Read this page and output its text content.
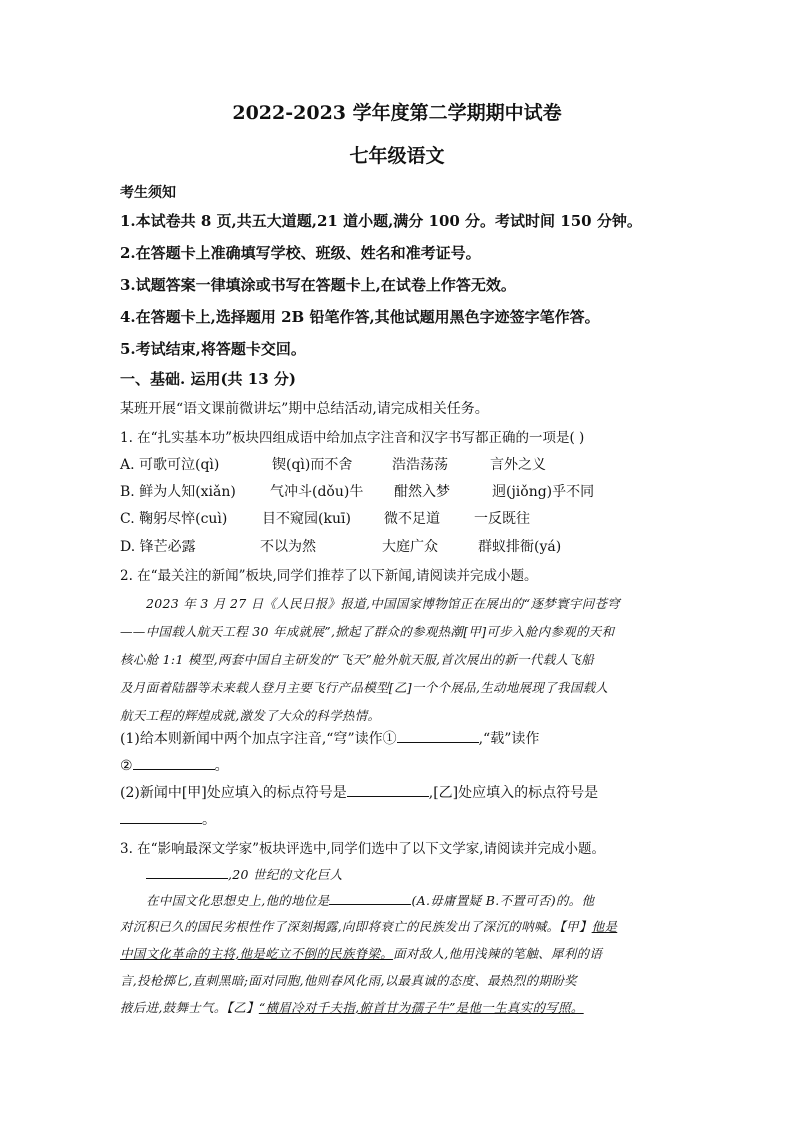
2022-2023 学年度第二学期期中试卷
七年级语文
考生须知
1.本试卷共 8 页,共五大道题,21 道小题,满分 100 分。考试时间 150 分钟。
2.在答题卡上准确填写学校、班级、姓名和准考证号。
3.试题答案一律填涂或书写在答题卡上,在试卷上作答无效。
4.在答题卡上,选择题用 2B 铅笔作答,其他试题用黑色字迹签字笔作答。
5.考试结束,将答题卡交回。
一、基础. 运用(共 13 分)
某班开展“语文课前微讲坛”期中总结活动,请完成相关任务。
1. 在“扎实基本功”板块四组成语中给加点字注音和汉字书写都正确的一项是( )
A. 可歌可泣(qì)	锲(qì)而不舍	浩浩荡荡	言外之义
B. 鲜为人知(xiǎn) 气冲斗(dǒu)牛 酣然入梦	迥(jiǒng)乎不同
C. 鞠躬尽悴(cuì) 目不窥园(kuī) 微不足道 一反既往
D. 锋芒必露	不以为然	大庭广众	群蚁排衙(yá)
2. 在“最关注的新闻”板块,同学们推荐了以下新闻,请阅读并完成小题。
2023 年 3 月 27 日《人民日报》报道,中国国家博物馆正在展出的“逐梦寰宇问苍穹
——中国载人航天工程 30 年成就展”,掀起了群众的参观热潮[甲]可步入舱内参观的天和
核心舱 1:1 模型,两套中国自主研发的“飞天”舱外航天服,首次展出的新一代载人飞船
及月面着陆器等未来载人登月主要飞行产品模型[乙]一个个展品,生动地展现了我国载人
航天工程的辉煌成就,激发了大众的科学热情。
(1)给本则新闻中两个加点字注音,“穹”读作①	,“载”读作
②	。
(2)新闻中[甲]处应填入的标点符号是	,[乙]处应填入的标点符号是
。
3. 在“影响最深文学家”板块评选中,同学们选中了以下文学家,请阅读并完成小题。
,20 世纪的文化巨人
在中国文化思想史上,他的地位是	(A.毋庸置疑 B.不置可否)的。他
对沉积已久的国民劣根性作了深刻揭露,向即将衰亡的民族发出了深沉的呐喊。【甲】他是
中国文化革命的主将,他是屹立不倒的民族脊梁。面对敌人,他用浅辣的笔触、犀利的语
言,投枪掷匕,直刺黑暗;面对同胞,他则春风化雨,以最真诚的态度、最热烈的期盼奖
掖后进,鼓舞士气。【乙】“横眉冷对千夫指,俯首甘为孺子牛”是他一生真实的写照。
